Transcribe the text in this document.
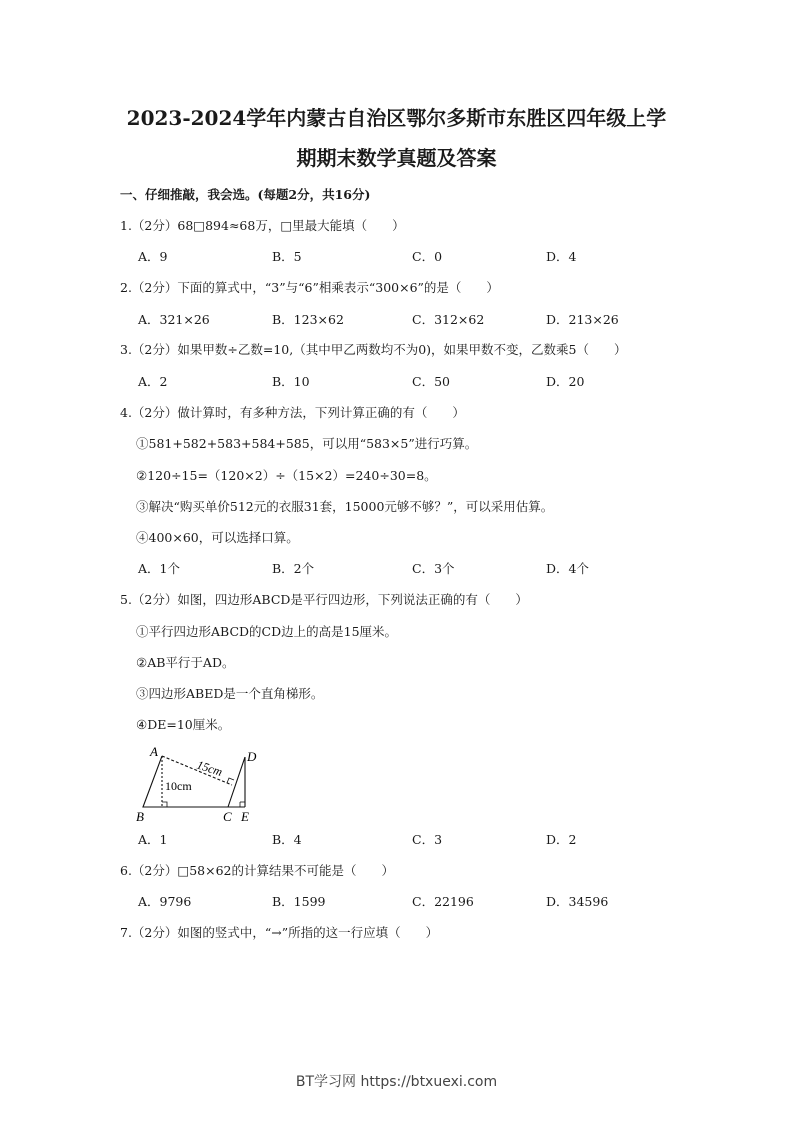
2023-2024学年内蒙古自治区鄂尔多斯市东胜区四年级上学
期期末数学真题及答案
一、仔细推敲，我会选。(每题2分，共16分)
1.（2分）68□894≈68万，□里最大能填（　　）
A．9	B．5	C．0	D．4
2.（2分）下面的算式中，“3”与“6”相乘表示“300×6”的是（　　）
A．321×26	B．123×62	C．312×62	D．213×26
3.（2分）如果甲数÷乙数=10,（其中甲乙两数均不为0)，如果甲数不变，乙数乘5（　　）
A．2	B．10	C．50	D．20
4.（2分）做计算时，有多种方法，下列计算正确的有（　　）
①581+582+583+584+585，可以用“583×5”进行巧算。
②120÷15=（120×2）÷（15×2）=240÷30=8。
③解决“购买单价512元的衣服31套，15000元够不够？”，可以采用估算。
④400×60，可以选择口算。
A．1个	B．2个	C．3个	D．4个
5.（2分）如图，四边形ABCD是平行四边形，下列说法正确的有（　　）
①平行四边形ABCD的CD边上的高是15厘米。
②AB平行于AD。
③四边形ABED是一个直角梯形。
④DE=10厘米。
A
B	C
D
E
15cm
10cm
A．1	B．4	C．3	D．2
6.（2分）□58×62的计算结果不可能是（　　）
A．9796	B．1599	C．22196	D．34596
7.（2分）如图的竖式中，“→”所指的这一行应填（　　）
BT学习网 https://btxuexi.com
